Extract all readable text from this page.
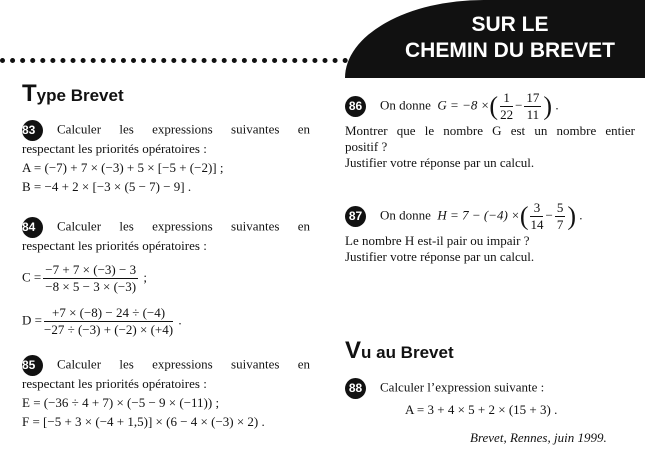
SUR LE
CHEMIN DU BREVET
Type Brevet
83 Calculer les expressions suivantes en
respectant les priorités opératoires :
A = (−7) + 7 × (−3) + 5 × [−5 + (−2)] ;
B = −4 + 2 × [−3 × (5 − 7) − 9] .
84 Calculer les expressions suivantes en
respectant les priorités opératoires :
$C = \frac{-7 + 7 \times (-3) - 3}{-8 \times 5 - 3 \times (-3)}$ ;
$D = \frac{+7 \times (-8) - 24 \div (-4)}{-27 \div (-3) + (-2) \times (+4)}$ .
85 Calculer les expressions suivantes en
respectant les priorités opératoires :
E = (−36 ÷ 4 + 7) × (−5 − 9 × (−11)) ;
F = [−5 + 3 × (−4 + 1,5)] × (6 − 4 × (−3) × 2) .
86 On donne G = −8 ×( $\frac{1}{22} - \frac{17}{11}$ ) .
Montrer que le nombre G est un nombre entier
positif ?
Justifier votre réponse par un calcul.
87 On donne H = 7 − (−4) ×( $\frac{3}{14} - \frac{5}{7}$ ) .
Le nombre H est-il pair ou impair ?
Justifier votre réponse par un calcul.
Vu au Brevet
88 Calculer l’expression suivante :
A = 3 + 4 × 5 + 2 × (15 + 3) .
Brevet, Rennes, juin 1999.
